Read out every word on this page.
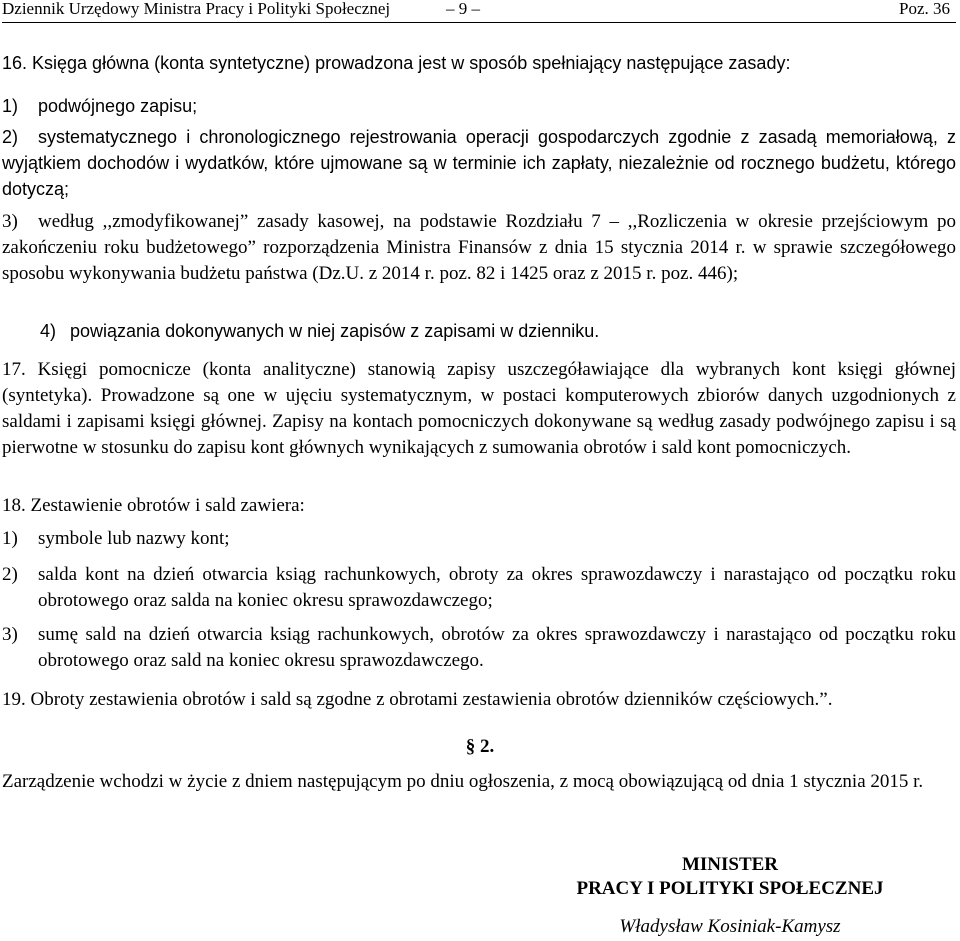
Dziennik Urzędowy Ministra Pracy i Polityki Społecznej	– 9 –	Poz. 36
16. Księga główna (konta syntetyczne) prowadzona jest w sposób spełniający następujące zasady:
1) podwójnego zapisu;
2)	systematycznego i chronologicznego rejestrowania operacji gospodarczych zgodnie z zasadą memoriałową, z wyjątkiem dochodów i wydatków, które ujmowane są w terminie ich zapłaty, niezależnie od rocznego budżetu, którego dotyczą;
3)	według ,,zmodyfikowanej” zasady kasowej, na podstawie Rozdziału 7 – ,,Rozliczenia w okresie przejściowym po zakończeniu roku budżetowego” rozporządzenia Ministra Finansów z dnia 15 stycznia 2014 r. w sprawie szczegółowego sposobu wykonywania budżetu państwa (Dz.U. z 2014 r. poz. 82 i 1425 oraz z 2015 r. poz. 446);
4) powiązania dokonywanych w niej zapisów z zapisami w dzienniku.
17. Księgi pomocnicze (konta analityczne) stanowią zapisy uszczegóławiające dla wybranych kont księgi głównej (syntetyka). Prowadzone są one w ujęciu systematycznym, w postaci komputerowych zbiorów danych uzgodnionych z saldami i zapisami księgi głównej. Zapisy na kontach pomocniczych dokonywane są według zasady podwójnego zapisu i są pierwotne w stosunku do zapisu kont głównych wynikających z sumowania obrotów i sald kont pomocniczych.
18. Zestawienie obrotów i sald zawiera:
1) symbole lub nazwy kont;
2) salda kont na dzień otwarcia ksiąg rachunkowych, obroty za okres sprawozdawczy i narastająco od początku roku obrotowego oraz salda na koniec okresu sprawozdawczego;
3) sumę sald na dzień otwarcia ksiąg rachunkowych, obrotów za okres sprawozdawczy i narastająco od początku roku obrotowego oraz sald na koniec okresu sprawozdawczego.
19. Obroty zestawienia obrotów i sald są zgodne z obrotami zestawienia obrotów dzienników częściowych.”.
§ 2.
Zarządzenie wchodzi w życie z dniem następującym po dniu ogłoszenia, z mocą obowiązującą od dnia 1 stycznia 2015 r.
MINISTER
PRACY I POLITYKI SPOŁECZNEJ
Władysław Kosiniak-Kamysz
